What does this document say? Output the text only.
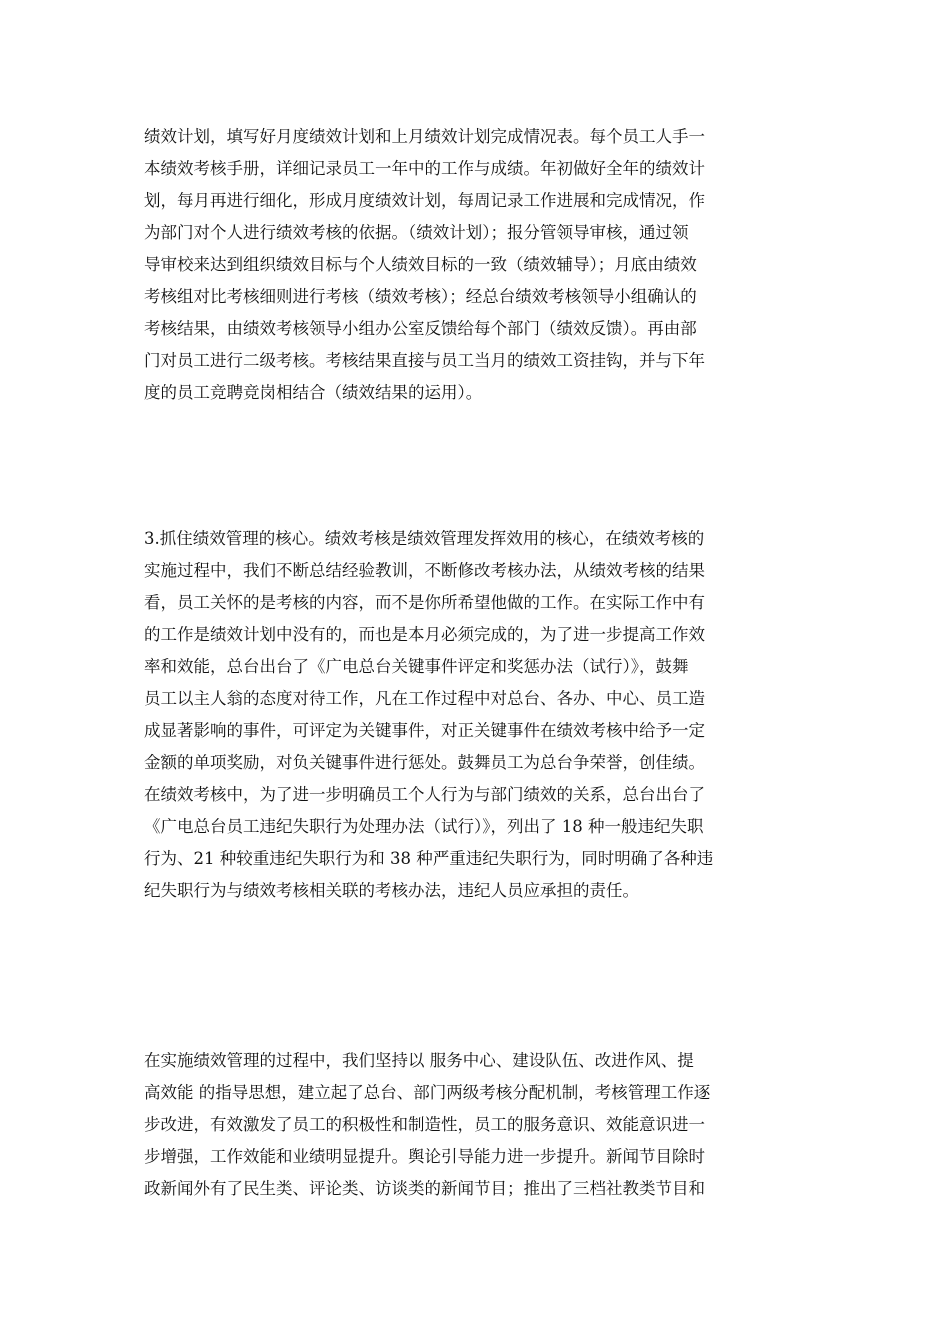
绩效计划，填写好月度绩效计划和上月绩效计划完成情况表。每个员工人手一
本绩效考核手册，详细记录员工一年中的工作与成绩。年初做好全年的绩效计
划，每月再进行细化，形成月度绩效计划，每周记录工作进展和完成情况，作
为部门对个人进行绩效考核的依据。（绩效计划）；报分管领导审核，通过领
导审校来达到组织绩效目标与个人绩效目标的一致（绩效辅导）；月底由绩效
考核组对比考核细则进行考核（绩效考核）；经总台绩效考核领导小组确认的
考核结果，由绩效考核领导小组办公室反馈给每个部门（绩效反馈）。再由部
门对员工进行二级考核。考核结果直接与员工当月的绩效工资挂钩，并与下年
度的员工竞聘竞岗相结合（绩效结果的运用）。
3.抓住绩效管理的核心。绩效考核是绩效管理发挥效用的核心，在绩效考核的
实施过程中，我们不断总结经验教训，不断修改考核办法，从绩效考核的结果
看，员工关怀的是考核的内容，而不是你所希望他做的工作。在实际工作中有
的工作是绩效计划中没有的，而也是本月必须完成的，为了进一步提高工作效
率和效能，总台出台了《广电总台关键事件评定和奖惩办法（试行）》，鼓舞
员工以主人翁的态度对待工作，凡在工作过程中对总台、各办、中心、员工造
成显著影响的事件，可评定为关键事件，对正关键事件在绩效考核中给予一定
金额的单项奖励，对负关键事件进行惩处。鼓舞员工为总台争荣誉，创佳绩。
在绩效考核中，为了进一步明确员工个人行为与部门绩效的关系，总台出台了
《广电总台员工违纪失职行为处理办法（试行）》，列出了 18 种一般违纪失职
行为、21 种较重违纪失职行为和 38 种严重违纪失职行为，同时明确了各种违
纪失职行为与绩效考核相关联的考核办法，违纪人员应承担的责任。
在实施绩效管理的过程中，我们坚持以 服务中心、建设队伍、改进作风、提
高效能 的指导思想，建立起了总台、部门两级考核分配机制，考核管理工作逐
步改进，有效激发了员工的积极性和制造性，员工的服务意识、效能意识进一
步增强，工作效能和业绩明显提升。舆论引导能力进一步提升。新闻节目除时
政新闻外有了民生类、评论类、访谈类的新闻节目；推出了三档社教类节目和
